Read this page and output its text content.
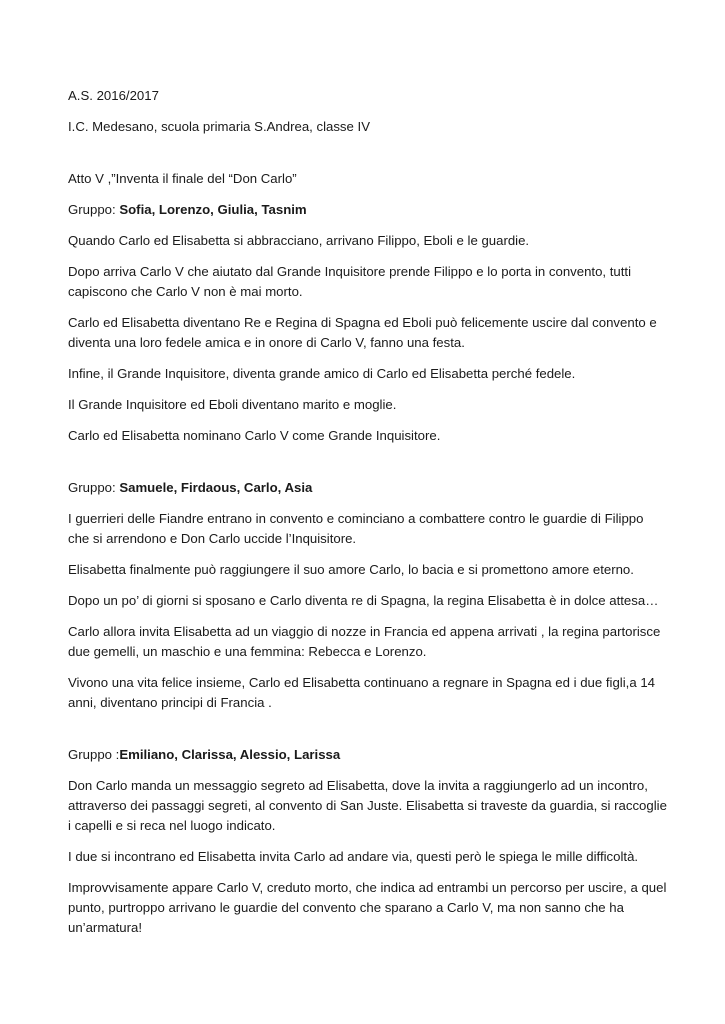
A.S. 2016/2017

I.C. Medesano, scuola primaria S.Andrea, classe IV

Atto V ,”Inventa il finale del “Don Carlo”

Gruppo: Sofia, Lorenzo, Giulia, Tasnim

Quando Carlo ed Elisabetta si abbracciano, arrivano Filippo, Eboli e le guardie.

Dopo arriva Carlo V che aiutato dal Grande Inquisitore prende Filippo e lo porta in convento, tutti capiscono che Carlo V non è mai morto.

Carlo ed Elisabetta diventano Re e Regina di Spagna ed Eboli può felicemente uscire dal convento e diventa una loro fedele amica e in onore di Carlo V, fanno una festa.

Infine, il Grande Inquisitore, diventa grande amico di Carlo ed Elisabetta perché fedele.

Il Grande Inquisitore ed Eboli diventano marito e moglie.

Carlo ed Elisabetta nominano Carlo V come Grande Inquisitore.

Gruppo: Samuele, Firdaous, Carlo, Asia

I guerrieri delle Fiandre entrano in convento e cominciano a combattere contro le guardie di Filippo che si arrendono e Don Carlo uccide l’Inquisitore.

Elisabetta finalmente può raggiungere il suo amore Carlo, lo bacia e si promettono amore eterno.

Dopo un po’ di giorni si sposano e Carlo diventa re di Spagna, la regina Elisabetta è in dolce attesa…

Carlo allora invita Elisabetta ad un viaggio di nozze in Francia ed appena arrivati , la regina partorisce due gemelli, un maschio e una femmina: Rebecca e Lorenzo.

Vivono una vita felice insieme, Carlo ed Elisabetta continuano a regnare in Spagna ed i due figli,a 14 anni, diventano principi di Francia .

Gruppo :Emiliano, Clarissa, Alessio, Larissa

Don Carlo manda un messaggio segreto ad Elisabetta, dove la invita a raggiungerlo ad un incontro, attraverso dei passaggi segreti, al convento di San Juste. Elisabetta si traveste da guardia, si raccoglie i capelli e si reca nel luogo indicato.

I due si incontrano ed Elisabetta invita Carlo ad andare via, questi però le spiega le mille difficoltà.

Improvvisamente appare Carlo V, creduto morto, che indica ad entrambi un percorso per uscire, a quel punto, purtroppo arrivano le guardie del convento che sparano a Carlo V, ma non sanno che ha un’armatura!
